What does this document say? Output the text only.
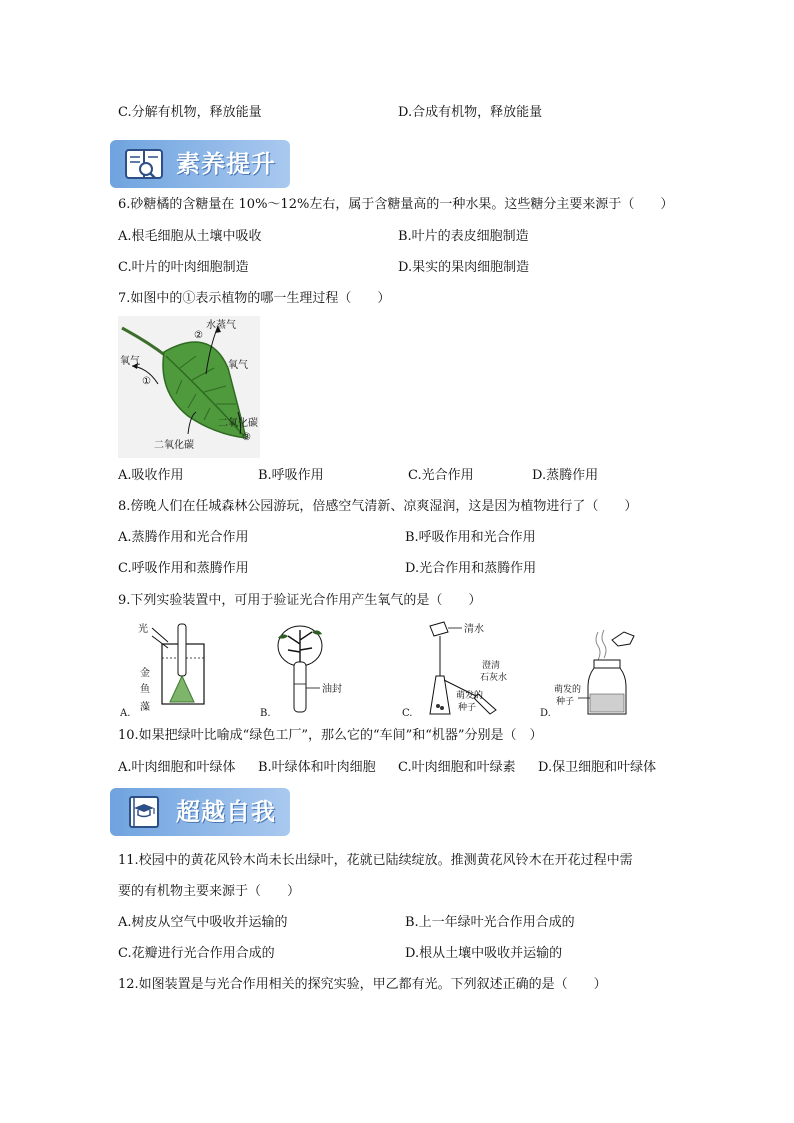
C.分解有机物，释放能量	D.合成有机物，释放能量
素养提升
6.砂糖橘的含糖量在 10%～12%左右，属于含糖量高的一种水果。这些糖分主要来源于（　　）
A.根毛细胞从土壤中吸收	B.叶片的表皮细胞制造
C.叶片的叶肉细胞制造	D.果实的果肉细胞制造
7.如图中的①表示植物的哪一生理过程（　　）
水蒸气
②
氧气	氧气
①
二氧化碳
③
二氧化碳
A.吸收作用	B.呼吸作用	C.光合作用	D.蒸腾作用
8.傍晚人们在任城森林公园游玩，倍感空气清新、凉爽湿润，这是因为植物进行了（　　）
A.蒸腾作用和光合作用	B.呼吸作用和光合作用
C.呼吸作用和蒸腾作用	D.光合作用和蒸腾作用
9.下列实验装置中，可用于验证光合作用产生氧气的是（　　）
光
金
鱼
藻
A.
油封
B.
清水
澄清
石灰水
萌发的
种子
C.
萌发的
种子
D.
10.如果把绿叶比喻成“绿色工厂”，那么它的“车间”和“机器”分别是（　）
A.叶肉细胞和叶绿体 B.叶绿体和叶肉细胞 C.叶肉细胞和叶绿素 D.保卫细胞和叶绿体
超越自我
11.校园中的黄花风铃木尚未长出绿叶，花就已陆续绽放。推测黄花风铃木在开花过程中需
要的有机物主要来源于（　　）
A.树皮从空气中吸收并运输的	B.上一年绿叶光合作用合成的
C.花瓣进行光合作用合成的	D.根从土壤中吸收并运输的
12.如图装置是与光合作用相关的探究实验，甲乙都有光。下列叙述正确的是（　　）
